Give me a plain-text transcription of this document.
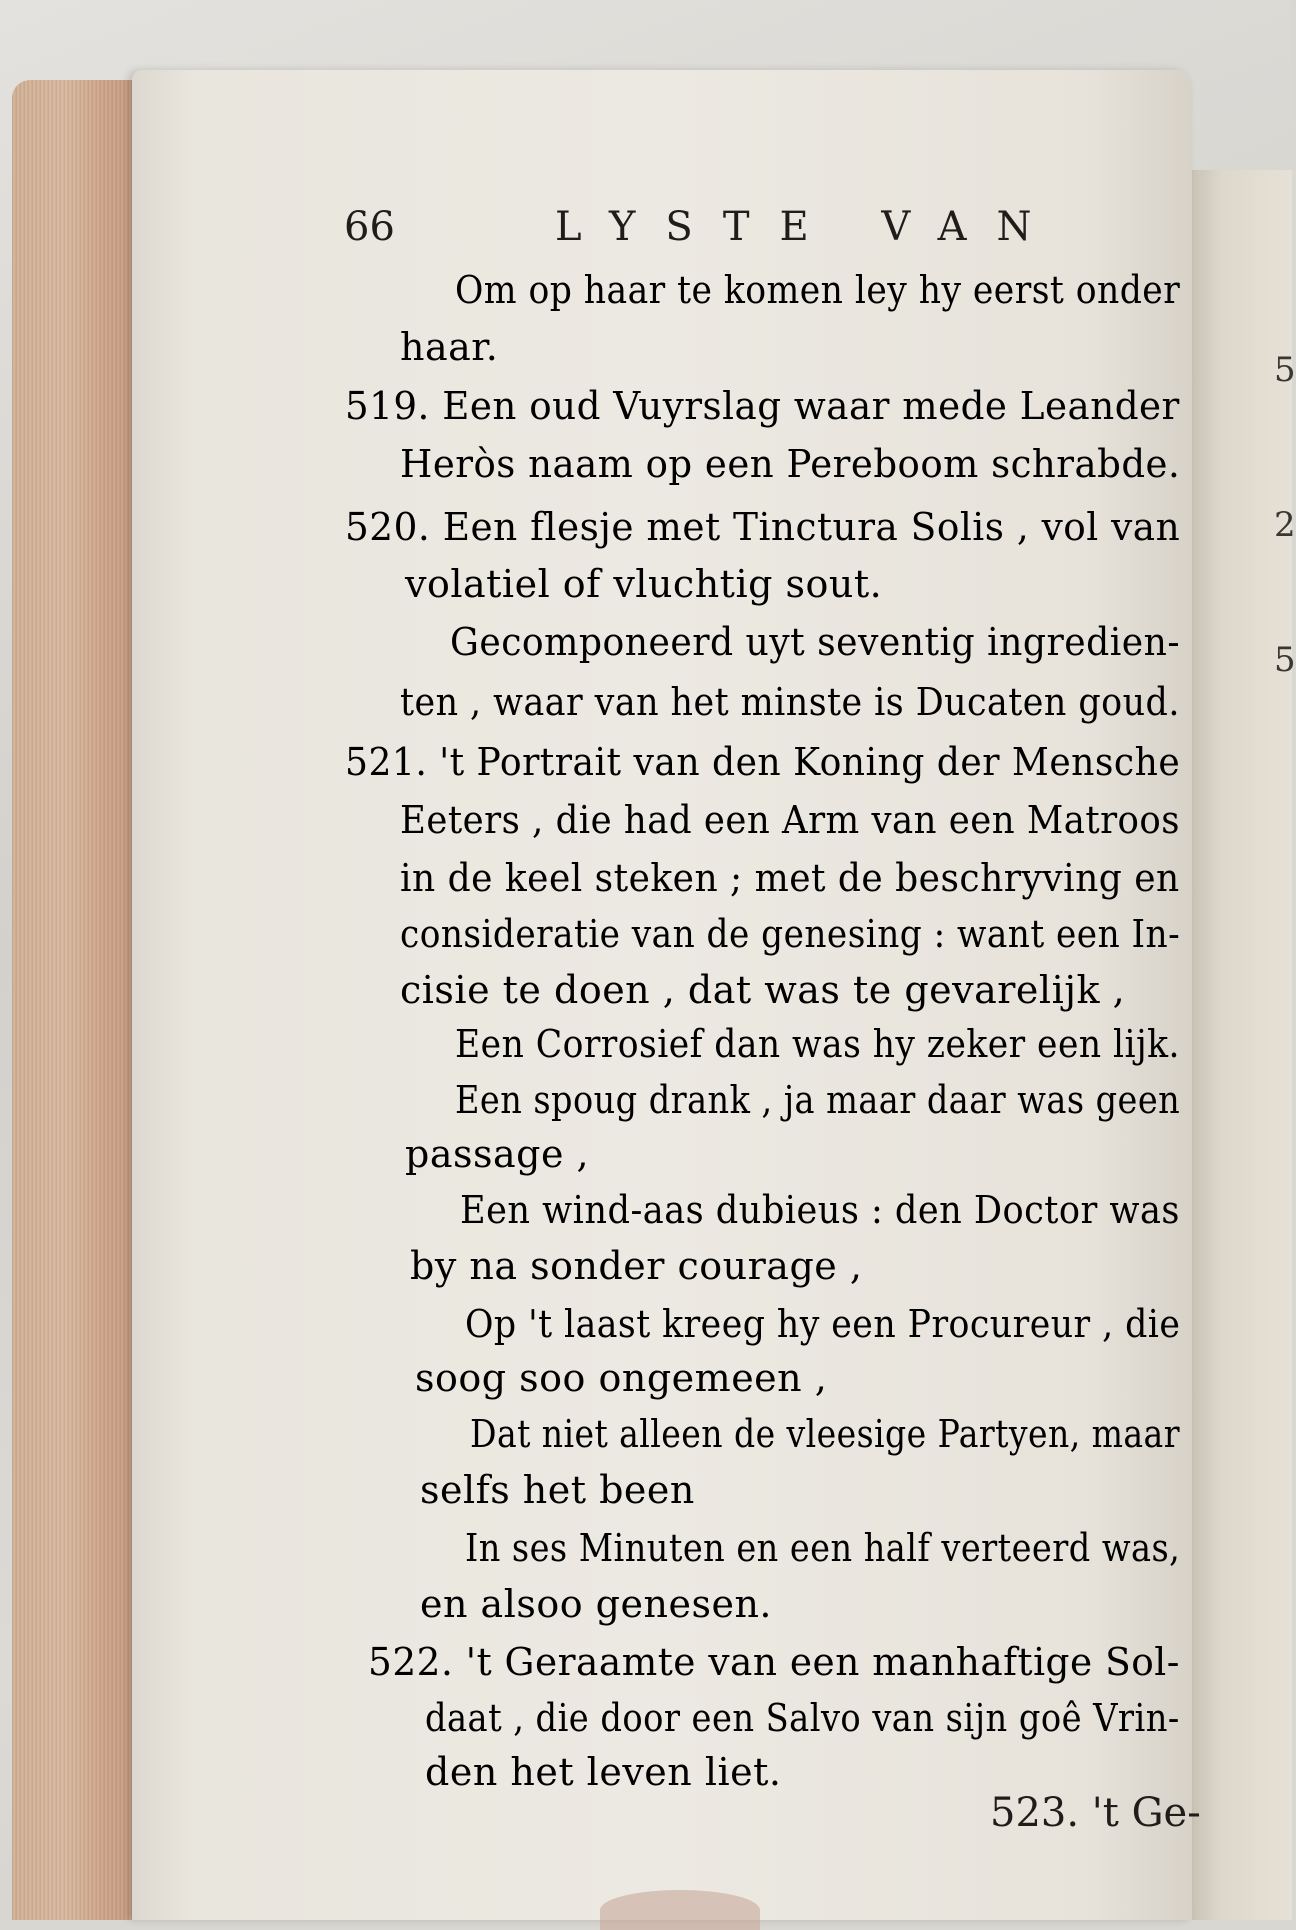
5
2
5
66	LYSTE VAN
Om op haar te komen ley hy eerst onder
haar.
519. Een oud Vuyrslag waar mede Leander
Heròs naam op een Pereboom schrabde.
520. Een flesje met Tinctura Solis , vol van
volatiel of vluchtig sout.
Gecomponeerd uyt seventig ingredien-
ten , waar van het minste is Ducaten goud.
521. 't Portrait van den Koning der Mensche
Eeters , die had een Arm van een Matroos
in de keel steken ; met de beschryving en
consideratie van de genesing : want een In-
cisie te doen , dat was te gevarelijk ,
Een Corrosief dan was hy zeker een lijk.
Een spoug drank , ja maar daar was geen
passage ,
Een wind-aas dubieus : den Doctor was
by na sonder courage ,
Op 't laast kreeg hy een Procureur , die
soog soo ongemeen ,
Dat niet alleen de vleesige Partyen, maar
selfs het been
In ses Minuten en een half verteerd was,
en alsoo genesen.
522. 't Geraamte van een manhaftige Sol-
daat , die door een Salvo van sijn goê Vrin-
den het leven liet.
523. 't Ge-
